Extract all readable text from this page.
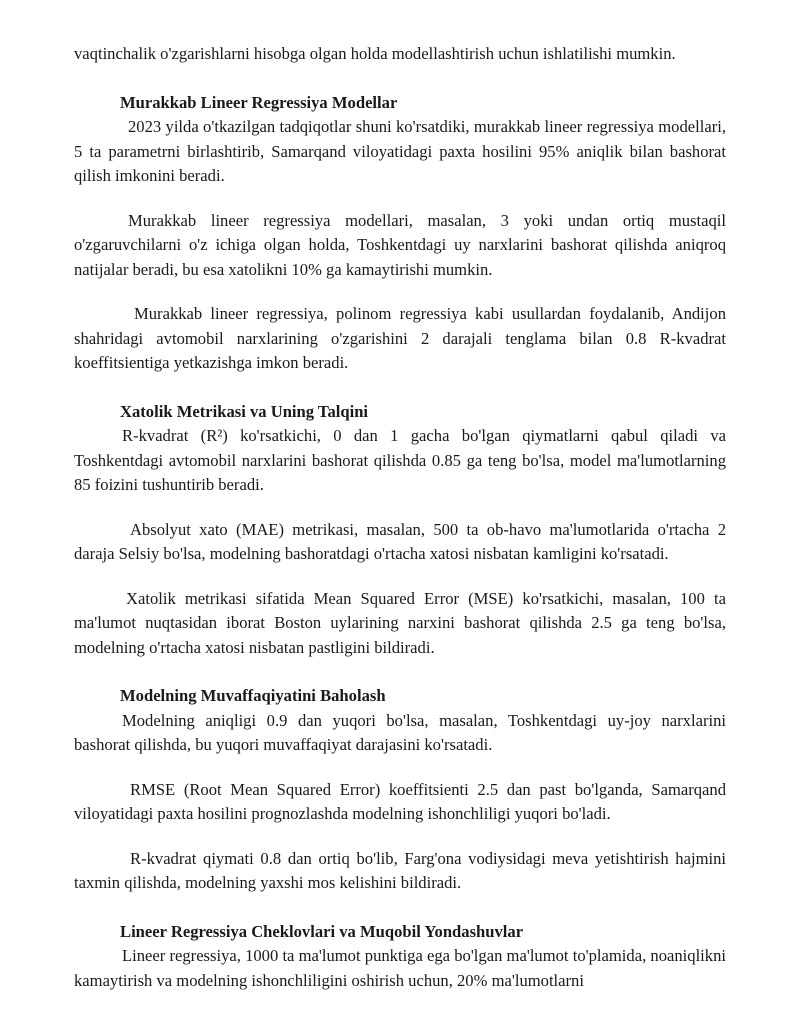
vaqtinchalik o'zgarishlarni hisobga olgan holda modellashtirish uchun ishlatilishi mumkin.

Murakkab Lineer Regressiya Modellar

2023 yilda o'tkazilgan tadqiqotlar shuni ko'rsatdiki, murakkab lineer regressiya modellari, 5 ta parametrni birlashtirib, Samarqand viloyatidagi paxta hosilini 95% aniqlik bilan bashorat qilish imkonini beradi.

Murakkab lineer regressiya modellari, masalan, 3 yoki undan ortiq mustaqil o'zgaruvchilarni o'z ichiga olgan holda, Toshkentdagi uy narxlarini bashorat qilishda aniqroq natijalar beradi, bu esa xatolikni 10% ga kamaytirishi mumkin.

Murakkab lineer regressiya, polinom regressiya kabi usullardan foydalanib, Andijon shahridagi avtomobil narxlarining o'zgarishini 2 darajali tenglama bilan 0.8 R-kvadrat koeffitsientiga yetkazishga imkon beradi.

Xatolik Metrikasi va Uning Talqini

R-kvadrat (R²) ko'rsatkichi, 0 dan 1 gacha bo'lgan qiymatlarni qabul qiladi va Toshkentdagi avtomobil narxlarini bashorat qilishda 0.85 ga teng bo'lsa, model ma'lumotlarning 85 foizini tushuntirib beradi.

Absolyut xato (MAE) metrikasi, masalan, 500 ta ob-havo ma'lumotlarida o'rtacha 2 daraja Selsiy bo'lsa, modelning bashoratdagi o'rtacha xatosi nisbatan kamligini ko'rsatadi.

Xatolik metrikasi sifatida Mean Squared Error (MSE) ko'rsatkichi, masalan, 100 ta ma'lumot nuqtasidan iborat Boston uylarining narxini bashorat qilishda 2.5 ga teng bo'lsa, modelning o'rtacha xatosi nisbatan pastligini bildiradi.

Modelning Muvaffaqiyatini Baholash

Modelning aniqligi 0.9 dan yuqori bo'lsa, masalan, Toshkentdagi uy-joy narxlarini bashorat qilishda, bu yuqori muvaffaqiyat darajasini ko'rsatadi.

RMSE (Root Mean Squared Error) koeffitsienti 2.5 dan past bo'lganda, Samarqand viloyatidagi paxta hosilini prognozlashda modelning ishonchliligi yuqori bo'ladi.

R-kvadrat qiymati 0.8 dan ortiq bo'lib, Farg'ona vodiysidagi meva yetishtirish hajmini taxmin qilishda, modelning yaxshi mos kelishini bildiradi.

Lineer Regressiya Cheklovlari va Muqobil Yondashuvlar

Lineer regressiya, 1000 ta ma'lumot punktiga ega bo'lgan ma'lumot to'plamida, noaniqlikni kamaytirish va modelning ishonchliligini oshirish uchun, 20% ma'lumotlarni
